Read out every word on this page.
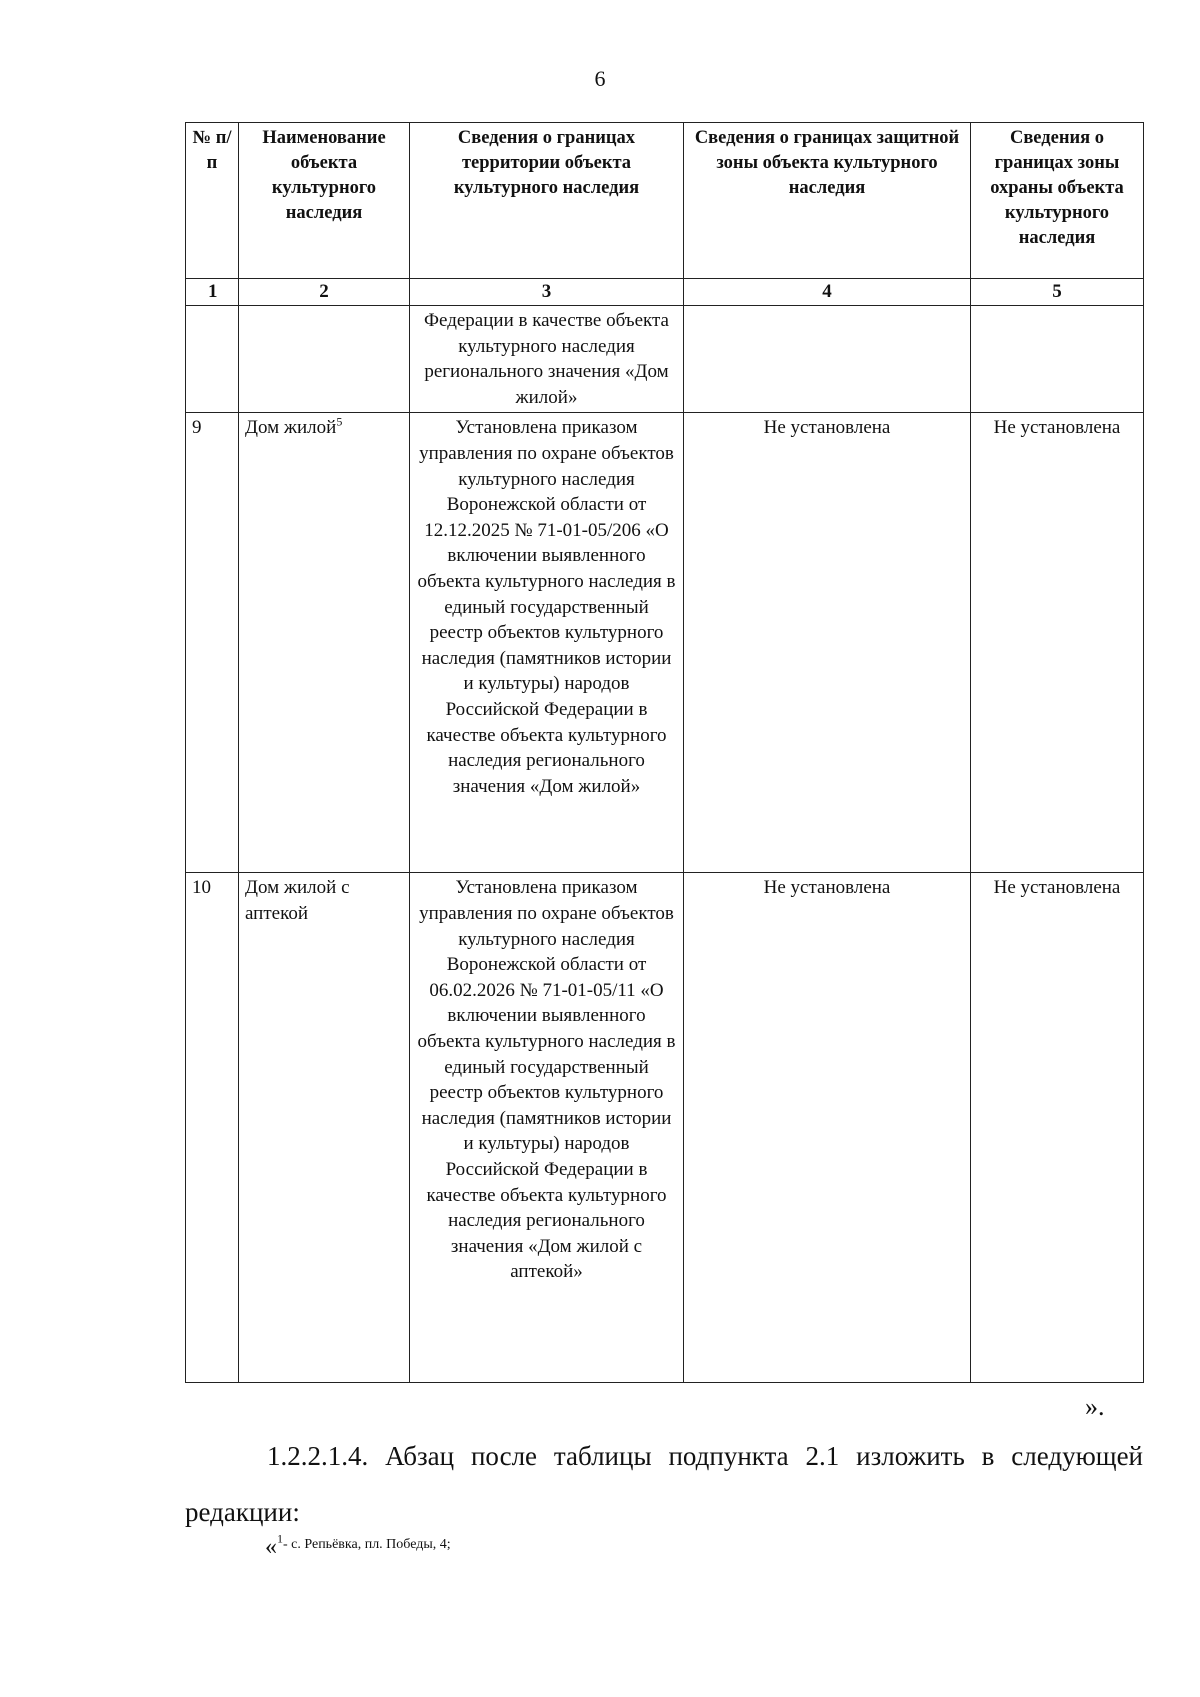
6
№ п/п	Наименование объекта культурного наследия	Сведения о границах территории объекта культурного наследия	Сведения о границах защитной зоны объекта культурного наследия	Сведения о границах зоны охраны объекта культурного наследия
1	2	3	4	5
		Федерации в качестве объекта культурного наследия регионального значения «Дом жилой»		
9	Дом жилой$^5$	Установлена приказом управления по охране объектов культурного наследия Воронежской области от 12.12.2025 № 71-01-05/206 «О включении выявленного объекта культурного наследия в единый государственный реестр объектов культурного наследия (памятников истории и культуры) народов Российской Федерации в качестве объекта культурного наследия регионального значения «Дом жилой»	Не установлена	Не установлена
10	Дом жилой с аптекой	Установлена приказом управления по охране объектов культурного наследия Воронежской области от 06.02.2026 № 71-01-05/11 «О включении выявленного объекта культурного наследия в единый государственный реестр объектов культурного наследия (памятников истории и культуры) народов Российской Федерации в качестве объекта культурного наследия регионального значения «Дом жилой с аптекой»	Не установлена	Не установлена
».
1.2.2.1.4. Абзац после таблицы подпункта 2.1 изложить в следующей редакции:
«$^1$- с. Репьёвка, пл. Победы, 4;
